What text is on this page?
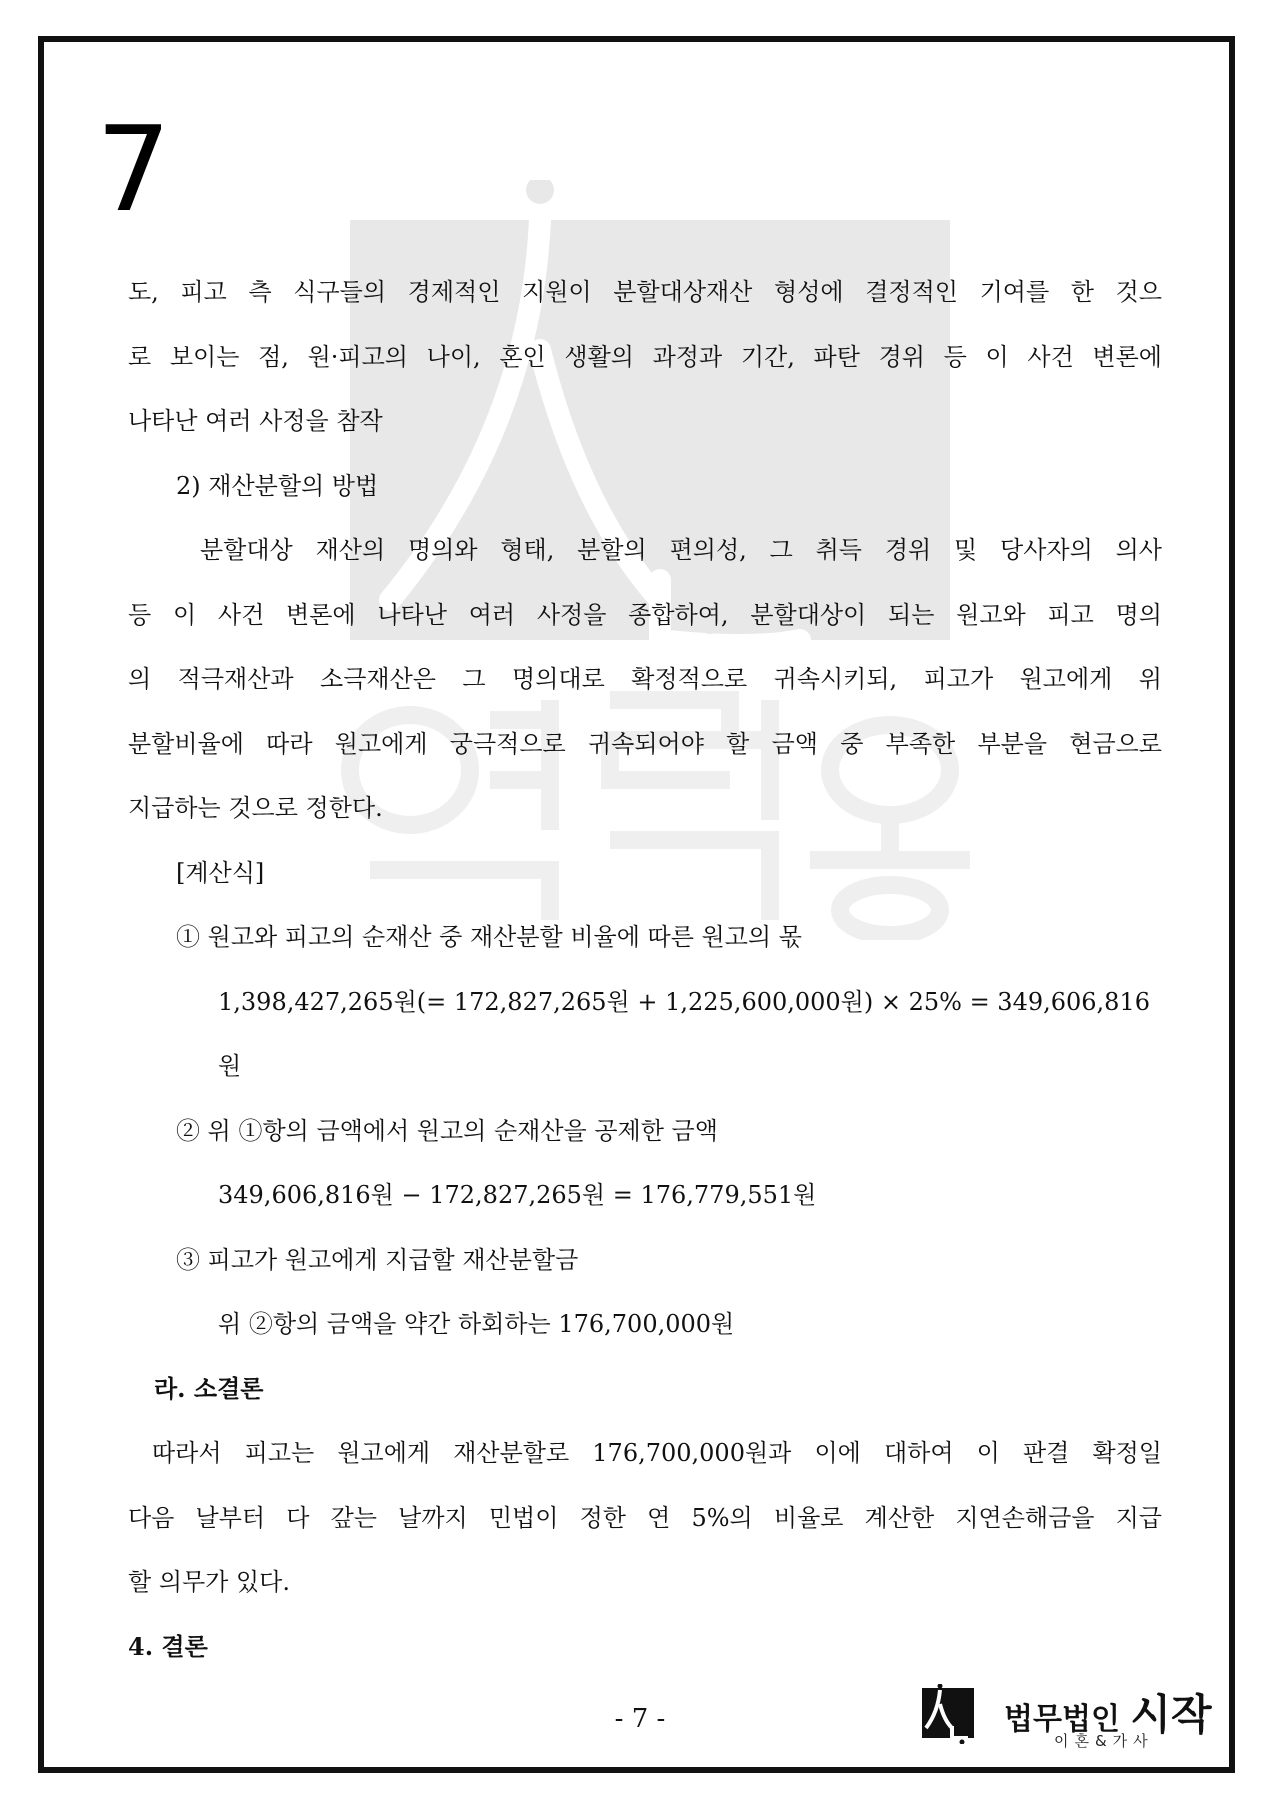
7

도, 피고 측 식구들의 경제적인 지원이 분할대상재산 형성에 결정적인 기여를 한 것으

로 보이는 점, 원·피고의 나이, 혼인 생활의 과정과 기간, 파탄 경위 등 이 사건 변론에

나타난 여러 사정을 참작

2) 재산분할의 방법

분할대상 재산의 명의와 형태, 분할의 편의성, 그 취득 경위 및 당사자의 의사

등 이 사건 변론에 나타난 여러 사정을 종합하여, 분할대상이 되는 원고와 피고 명의

의 적극재산과 소극재산은 그 명의대로 확정적으로 귀속시키되, 피고가 원고에게 위

분할비율에 따라 원고에게 궁극적으로 귀속되어야 할 금액 중 부족한 부분을 현금으로

지급하는 것으로 정한다.

[계산식]

① 원고와 피고의 순재산 중 재산분할 비율에 따른 원고의 몫

1,398,427,265원(= 172,827,265원 + 1,225,600,000원) × 25% = 349,606,816원

② 위 ①항의 금액에서 원고의 순재산을 공제한 금액

349,606,816원 − 172,827,265원 = 176,779,551원

③ 피고가 원고에게 지급할 재산분할금

위 ②항의 금액을 약간 하회하는 176,700,000원

라. 소결론

따라서 피고는 원고에게 재산분할로 176,700,000원과 이에 대하여 이 판결 확정일

다음 날부터 다 갚는 날까지 민법이 정한 연 5%의 비율로 계산한 지연손해금을 지급

할 의무가 있다.

4. 결론

- 7 -	법무법인 시작
이혼&가사
